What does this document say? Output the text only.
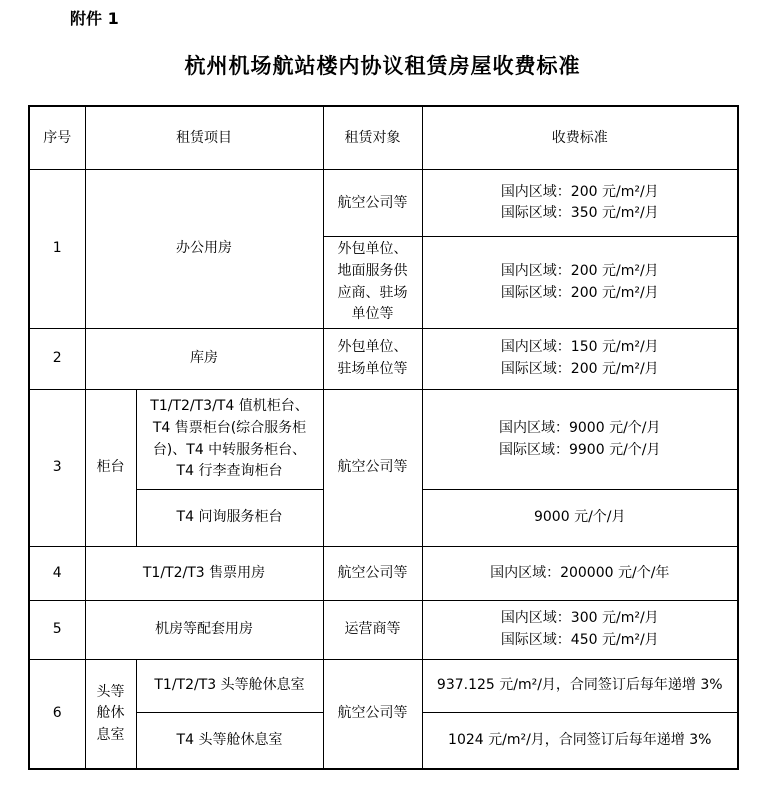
附件 1
杭州机场航站楼内协议租赁房屋收费标准
序号	租赁项目		租赁对象	收费标准
1	办公用房		航空公司等	国内区域：200 元/m²/月
国际区域：350 元/m²/月

			外包单位、地面服务供应商、驻场单位等	国内区域：200 元/m²/月
国际区域：200 元/m²/月

2	库房		外包单位、驻场单位等	国内区域：150 元/m²/月
国际区域：200 元/m²/月

3	柜台	T1/T2/T3/T4 值机柜台、T4 售票柜台(综合服务柜台)、T4 中转服务柜台、T4 行李查询柜台	航空公司等	国内区域：9000 元/个/月
国际区域：9900 元/个/月

		T4 问询服务柜台		9000 元/个/月

4	T1/T2/T3 售票用房		航空公司等	国内区域：200000 元/个/年

5	机房等配套用房		运营商等	国内区域：300 元/m²/月
国际区域：450 元/m²/月

6	头等舱休息室	T1/T2/T3 头等舱休息室	航空公司等	937.125 元/m²/月，合同签订后每年递增 3%

		T4 头等舱休息室		1024 元/m²/月，合同签订后每年递增 3%
